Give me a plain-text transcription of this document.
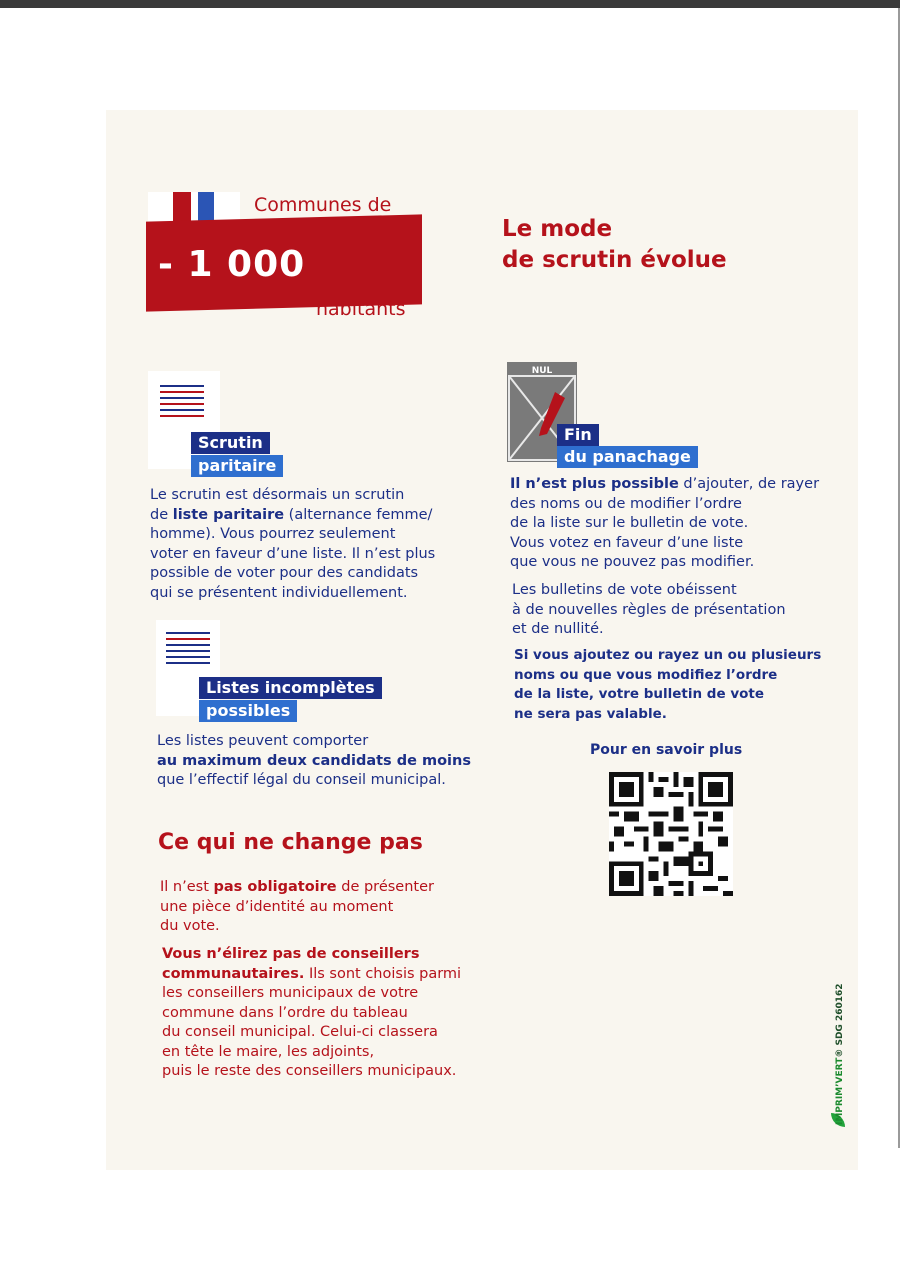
Communes de
- 1 000
habitants
Le mode
de scrutin évolue
Scrutin
paritaire
Le scrutin est désormais un scrutin
de liste paritaire (alternance femme/
homme). Vous pourrez seulement
voter en faveur d’une liste. Il n’est plus
possible de voter pour des candidats
qui se présentent individuellement.
Listes incomplètes
possibles
Les listes peuvent comporter
au maximum deux candidats de moins
que l’effectif légal du conseil municipal.
Ce qui ne change pas
Il n’est pas obligatoire de présenter
une pièce d’identité au moment
du vote.
Vous n’élirez pas de conseillers
communautaires. Ils sont choisis parmi
les conseillers municipaux de votre
commune dans l’ordre du tableau
du conseil municipal. Celui-ci classera
en tête le maire, les adjoints,
puis le reste des conseillers municipaux.
NUL
Fin
du panachage
Il n’est plus possible d’ajouter, de rayer
des noms ou de modifier l’ordre
de la liste sur le bulletin de vote.
Vous votez en faveur d’une liste
que vous ne pouvez pas modifier.
Les bulletins de vote obéissent
à de nouvelles règles de présentation
et de nullité.
Si vous ajoutez ou rayez un ou plusieurs
noms ou que vous modifiez l’ordre
de la liste, votre bulletin de vote
ne sera pas valable.
Pour en savoir plus
IMPRIM’VERT® SDG 260162
